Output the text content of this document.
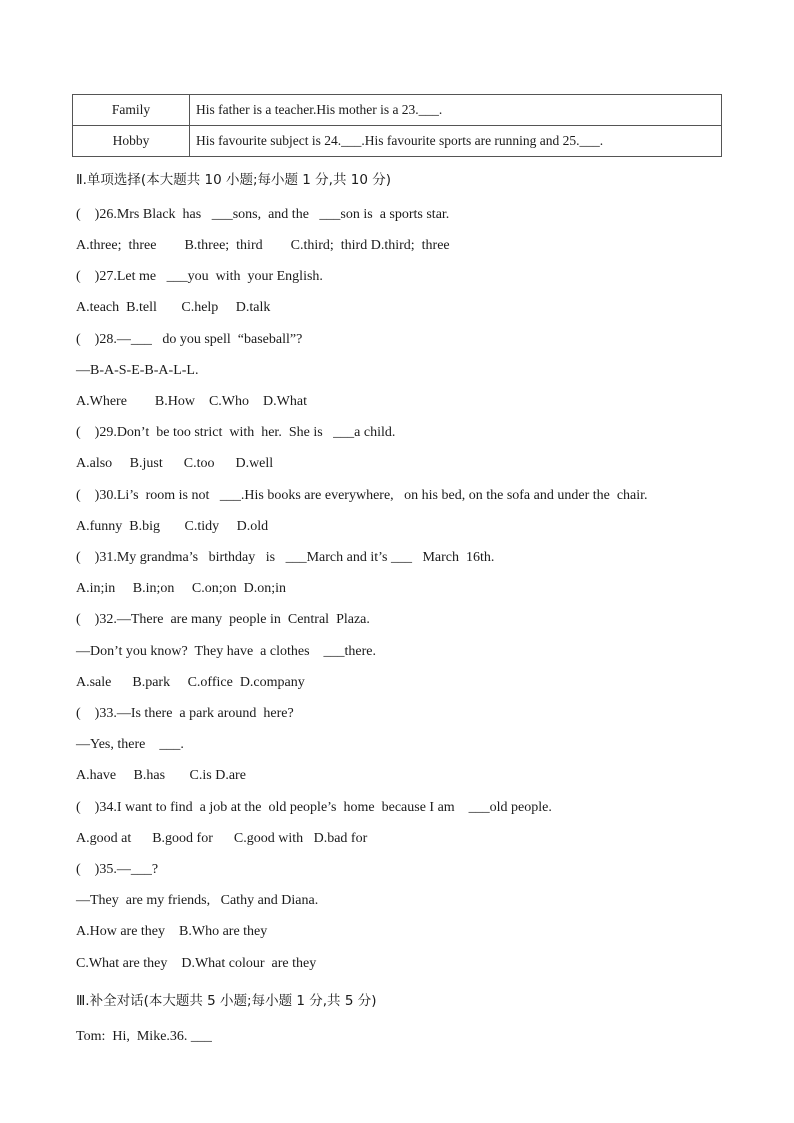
Family	His father is a teacher.His mother is a 23.___.
Hobby	His favourite subject is 24.___.His favourite sports are running and 25.___.
Ⅱ.单项选择(本大题共 10 小题;每小题 1 分,共 10 分)
(    )26.Mrs Black  has   ___sons,  and the   ___son is  a sports star.
A.three;  three        B.three;  third        C.third;  third D.third;  three
(    )27.Let me   ___you  with  your English.
A.teach  B.tell       C.help     D.talk
(    )28.—___   do you spell  “baseball”?
—B-A-S-E-B-A-L-L.
A.Where        B.How    C.Who    D.What
(    )29.Don’t  be too strict  with  her.  She is   ___a child.
A.also     B.just      C.too      D.well
(    )30.Li’s  room is not   ___.His books are everywhere,   on his bed, on the sofa and under the  chair.
A.funny  B.big       C.tidy     D.old
(    )31.My grandma’s   birthday   is   ___March and it’s ___   March  16th.
A.in;in     B.in;on     C.on;on  D.on;in
(    )32.—There  are many  people in  Central  Plaza.
—Don’t you know?  They have  a clothes    ___there.
A.sale      B.park     C.office  D.company
(    )33.—Is there  a park around  here?
—Yes, there    ___.
A.have     B.has       C.is D.are
(    )34.I want to find  a job at the  old people’s  home  because I am    ___old people.
A.good at      B.good for      C.good with   D.bad for
(    )35.—___?
—They  are my friends,   Cathy and Diana.
A.How are they    B.Who are they
C.What are they    D.What colour  are they
Ⅲ.补全对话(本大题共 5 小题;每小题 1 分,共 5 分)
Tom:  Hi,  Mike.36. ___
